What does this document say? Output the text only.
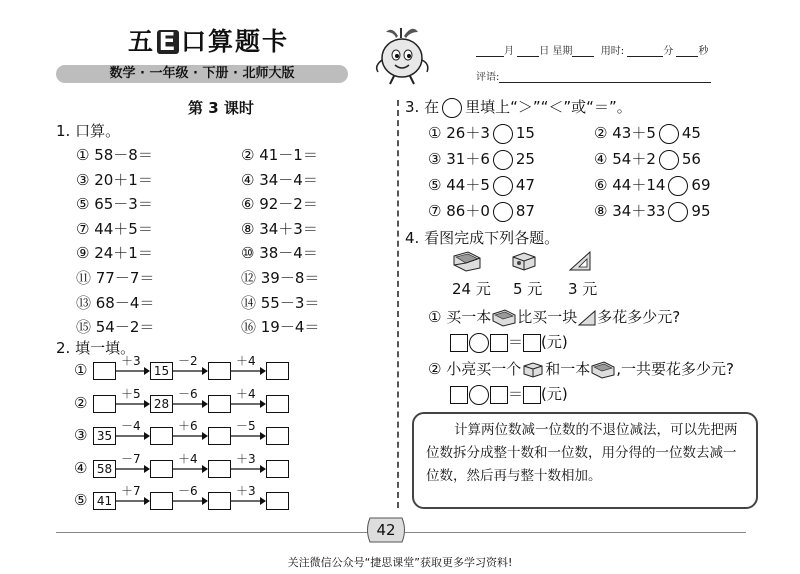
五 E 口算题卡
数学 · 一年级 · 下册 · 北师大版
月	日 星期	用时:	分	秒
评语:
第 3 课时
1. 口算。
① 58－8＝	② 41－1＝
③ 20＋1＝	④ 34－4＝
⑤ 65－3＝	⑥ 92－2＝
⑦ 44＋5＝	⑧ 34＋3＝
⑨ 24＋1＝	⑩ 38－4＝
⑪ 77－7＝	⑫ 39－8＝
⑬ 68－4＝	⑭ 55－3＝
⑮ 54－2＝	⑯ 19－4＝
2. 填一填。
①	15
＋3	－2	＋4
②	28
＋5	－6	＋4
③ 35
－4	＋6	－5
④ 58
－7	＋4	＋3
⑤ 41
＋7	－6	＋3
3. 在 里填上“＞”“＜”或“＝”。
① 26＋3 15	② 43＋5 45
③ 31＋6 25	④ 54＋2 56
⑤ 44＋5 47	⑥ 44＋14 69
⑦ 86＋0 87	⑧ 34＋33 95
4. 看图完成下列各题。
24 元 5 元 3 元
① 买一本 比买一块 多花多少元?
＝ (元)
② 小亮买一个 和一本 ,一共要花多少元?
＝ (元)
计算两位数减一位数的不退位减法，可以先把两位数拆分成整十数和一位数，用分得的一位数去减一位数，然后再与整十数相加。
42
关注微信公众号“捷思课堂”获取更多学习资料!
